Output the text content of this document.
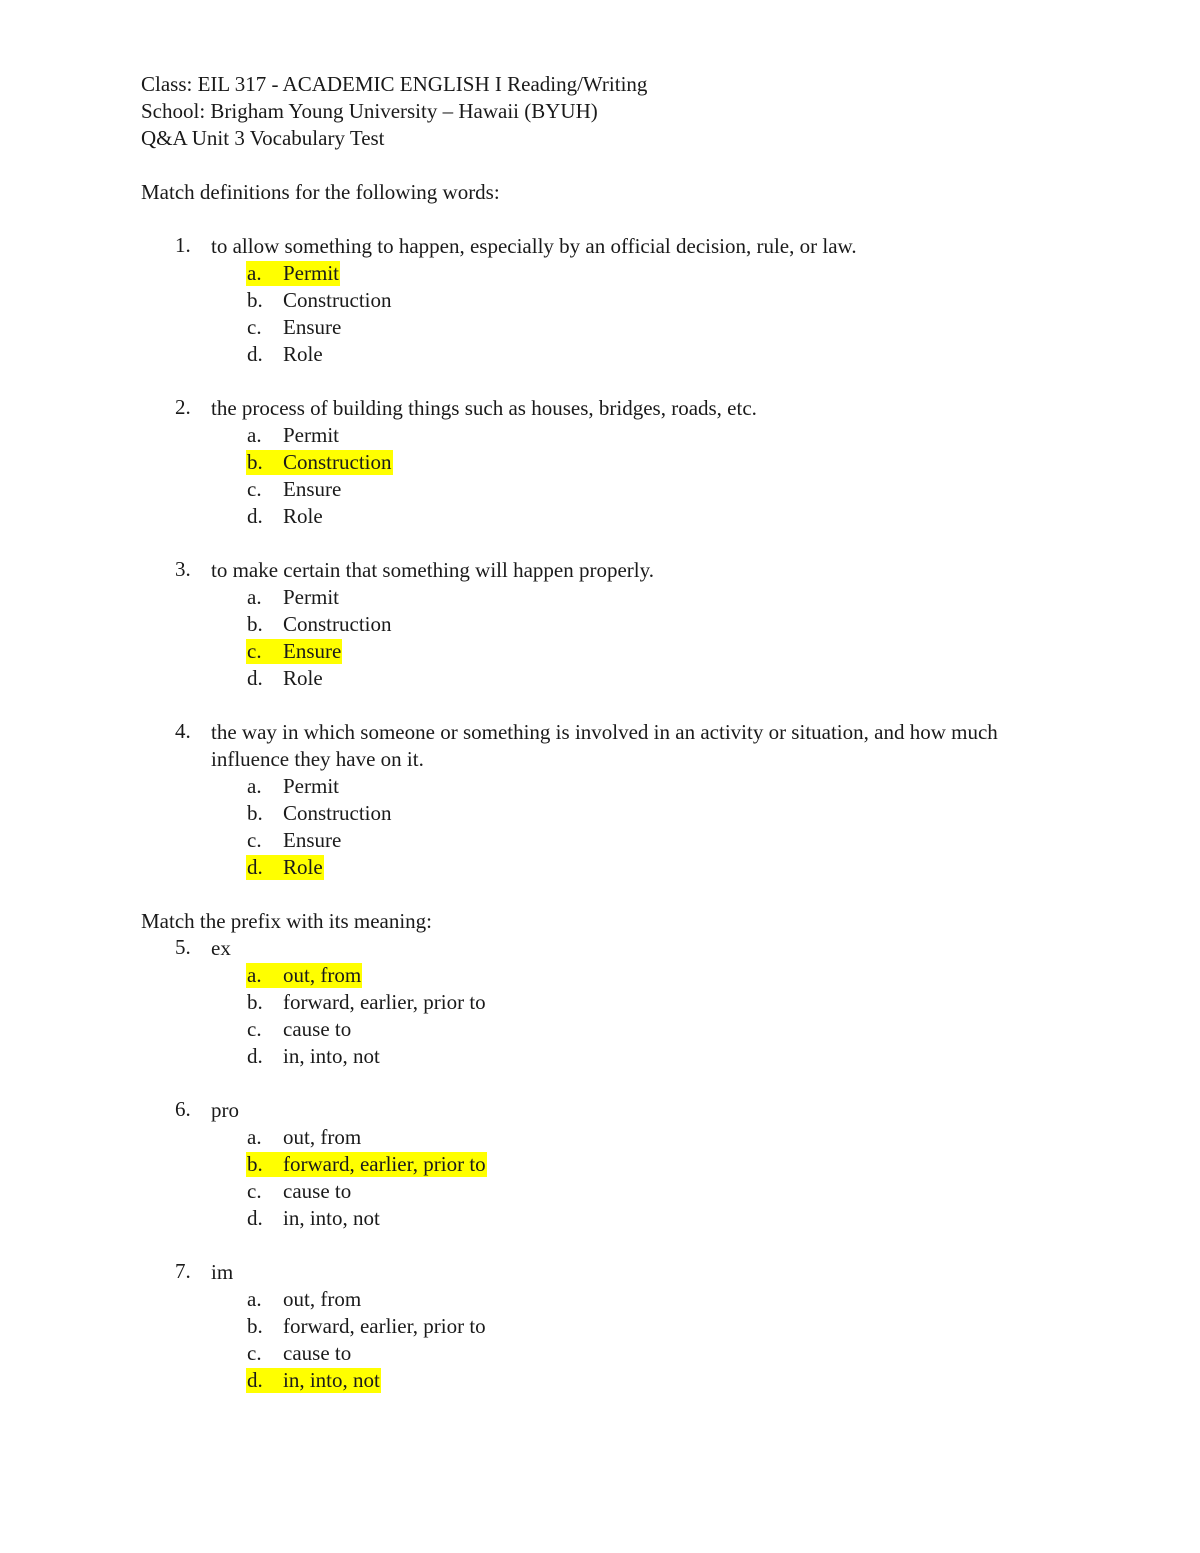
Class: EIL 317 - ACADEMIC ENGLISH I Reading/Writing
School: Brigham Young University – Hawaii (BYUH)
Q&A Unit 3 Vocabulary Test
Match definitions for the following words:
1. to allow something to happen, especially by an official decision, rule, or law.
a.	Permit
b. Construction
c.	Ensure
d. Role
2. the process of building things such as houses, bridges, roads, etc.
a.	Permit
b. Construction
c.	Ensure
d. Role
3. to make certain that something will happen properly.
a.	Permit
b. Construction
c.	Ensure
d. Role
4. the way in which someone or something is involved in an activity or situation, and how much influence they have on it.
a.	Permit
b. Construction
c.	Ensure
d. Role
Match the prefix with its meaning:
5. ex
a.	out, from
b. forward, earlier, prior to
c.	cause to
d. in, into, not
6. pro
a.	out, from
b. forward, earlier, prior to
c.	cause to
d. in, into, not
7. im
a.	out, from
b. forward, earlier, prior to
c.	cause to
d. in, into, not
